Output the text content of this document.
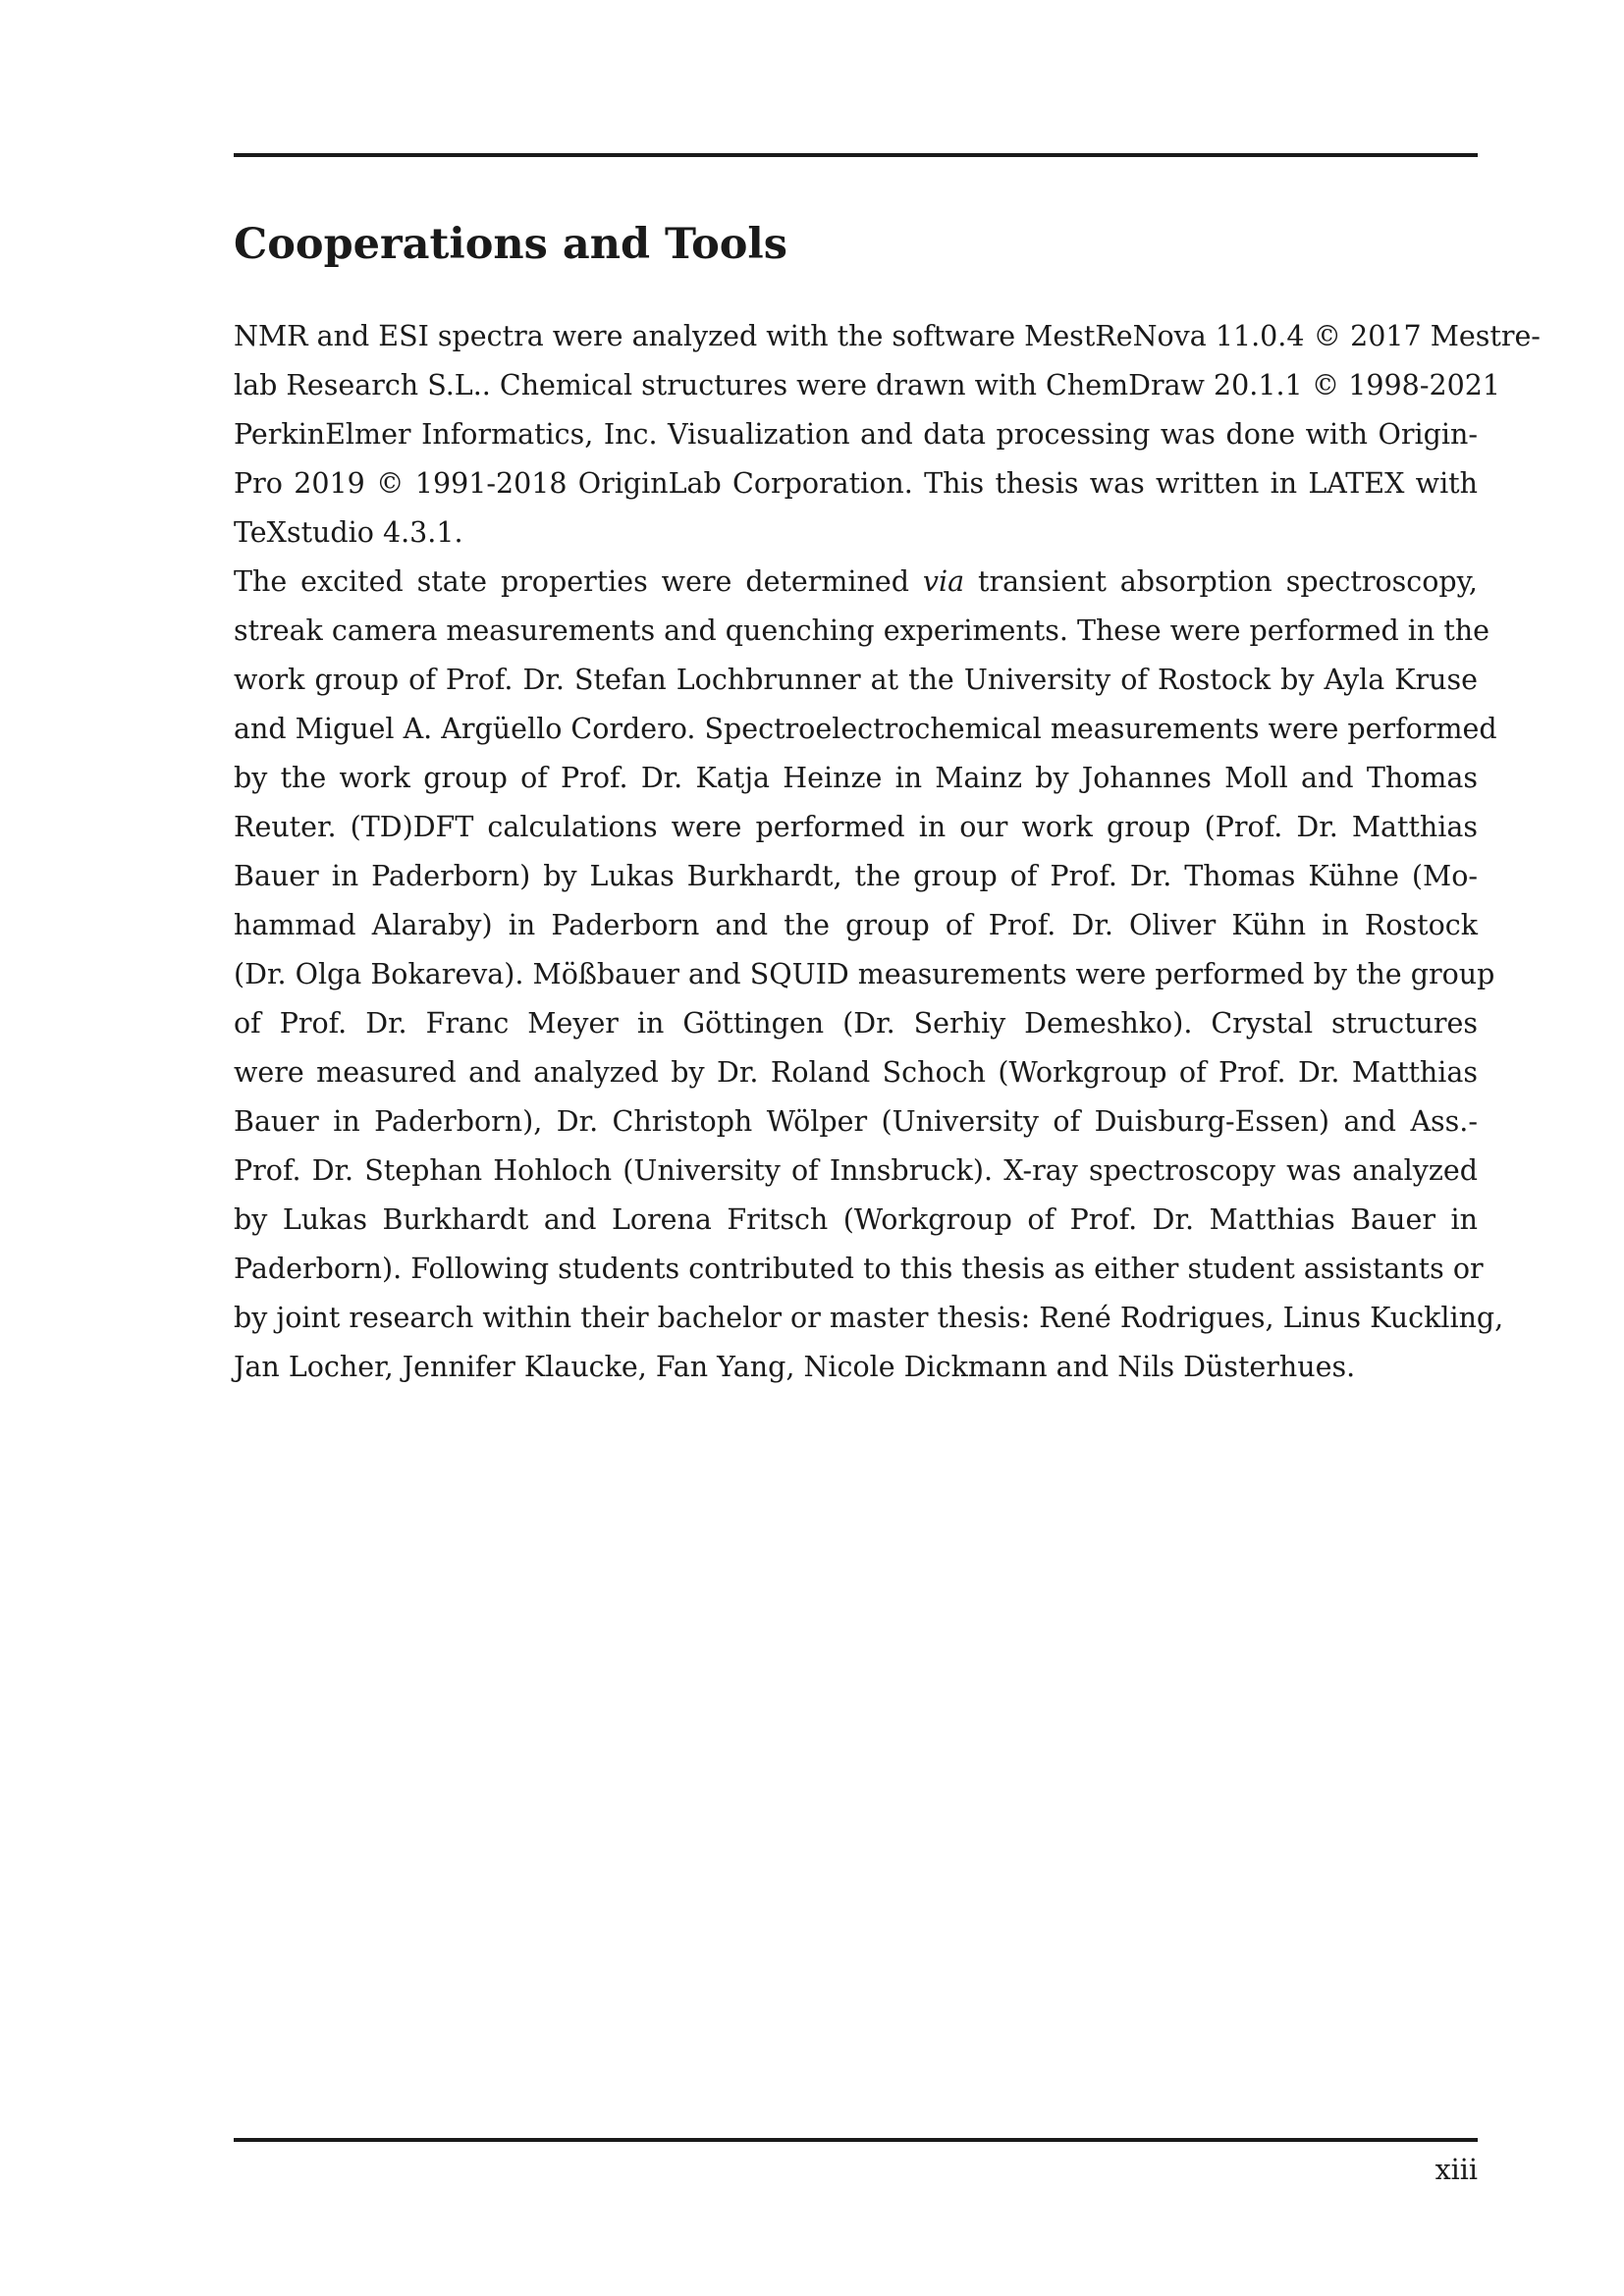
Cooperations and Tools

NMR and ESI spectra were analyzed with the software MestReNova 11.0.4 © 2017 Mestre-
lab Research S.L.. Chemical structures were drawn with ChemDraw 20.1.1 © 1998-2021
PerkinElmer Informatics, Inc. Visualization and data processing was done with Origin-
Pro 2019 © 1991-2018 OriginLab Corporation. This thesis was written in LATEX with
TeXstudio 4.3.1.

The excited state properties were determined via transient absorption spectroscopy,
streak camera measurements and quenching experiments. These were performed in the
work group of Prof. Dr. Stefan Lochbrunner at the University of Rostock by Ayla Kruse
and Miguel A. Argüello Cordero. Spectroelectrochemical measurements were performed
by the work group of Prof. Dr. Katja Heinze in Mainz by Johannes Moll and Thomas
Reuter. (TD)DFT calculations were performed in our work group (Prof. Dr. Matthias
Bauer in Paderborn) by Lukas Burkhardt, the group of Prof. Dr. Thomas Kühne (Mo-
hammad Alaraby) in Paderborn and the group of Prof. Dr. Oliver Kühn in Rostock
(Dr. Olga Bokareva). Mößbauer and SQUID measurements were performed by the group
of Prof. Dr. Franc Meyer in Göttingen (Dr. Serhiy Demeshko). Crystal structures
were measured and analyzed by Dr. Roland Schoch (Workgroup of Prof. Dr. Matthias
Bauer in Paderborn), Dr. Christoph Wölper (University of Duisburg-Essen) and Ass.-
Prof. Dr. Stephan Hohloch (University of Innsbruck). X-ray spectroscopy was analyzed
by Lukas Burkhardt and Lorena Fritsch (Workgroup of Prof. Dr. Matthias Bauer in
Paderborn). Following students contributed to this thesis as either student assistants or
by joint research within their bachelor or master thesis: René Rodrigues, Linus Kuckling,
Jan Locher, Jennifer Klaucke, Fan Yang, Nicole Dickmann and Nils Düsterhues.

xiii
